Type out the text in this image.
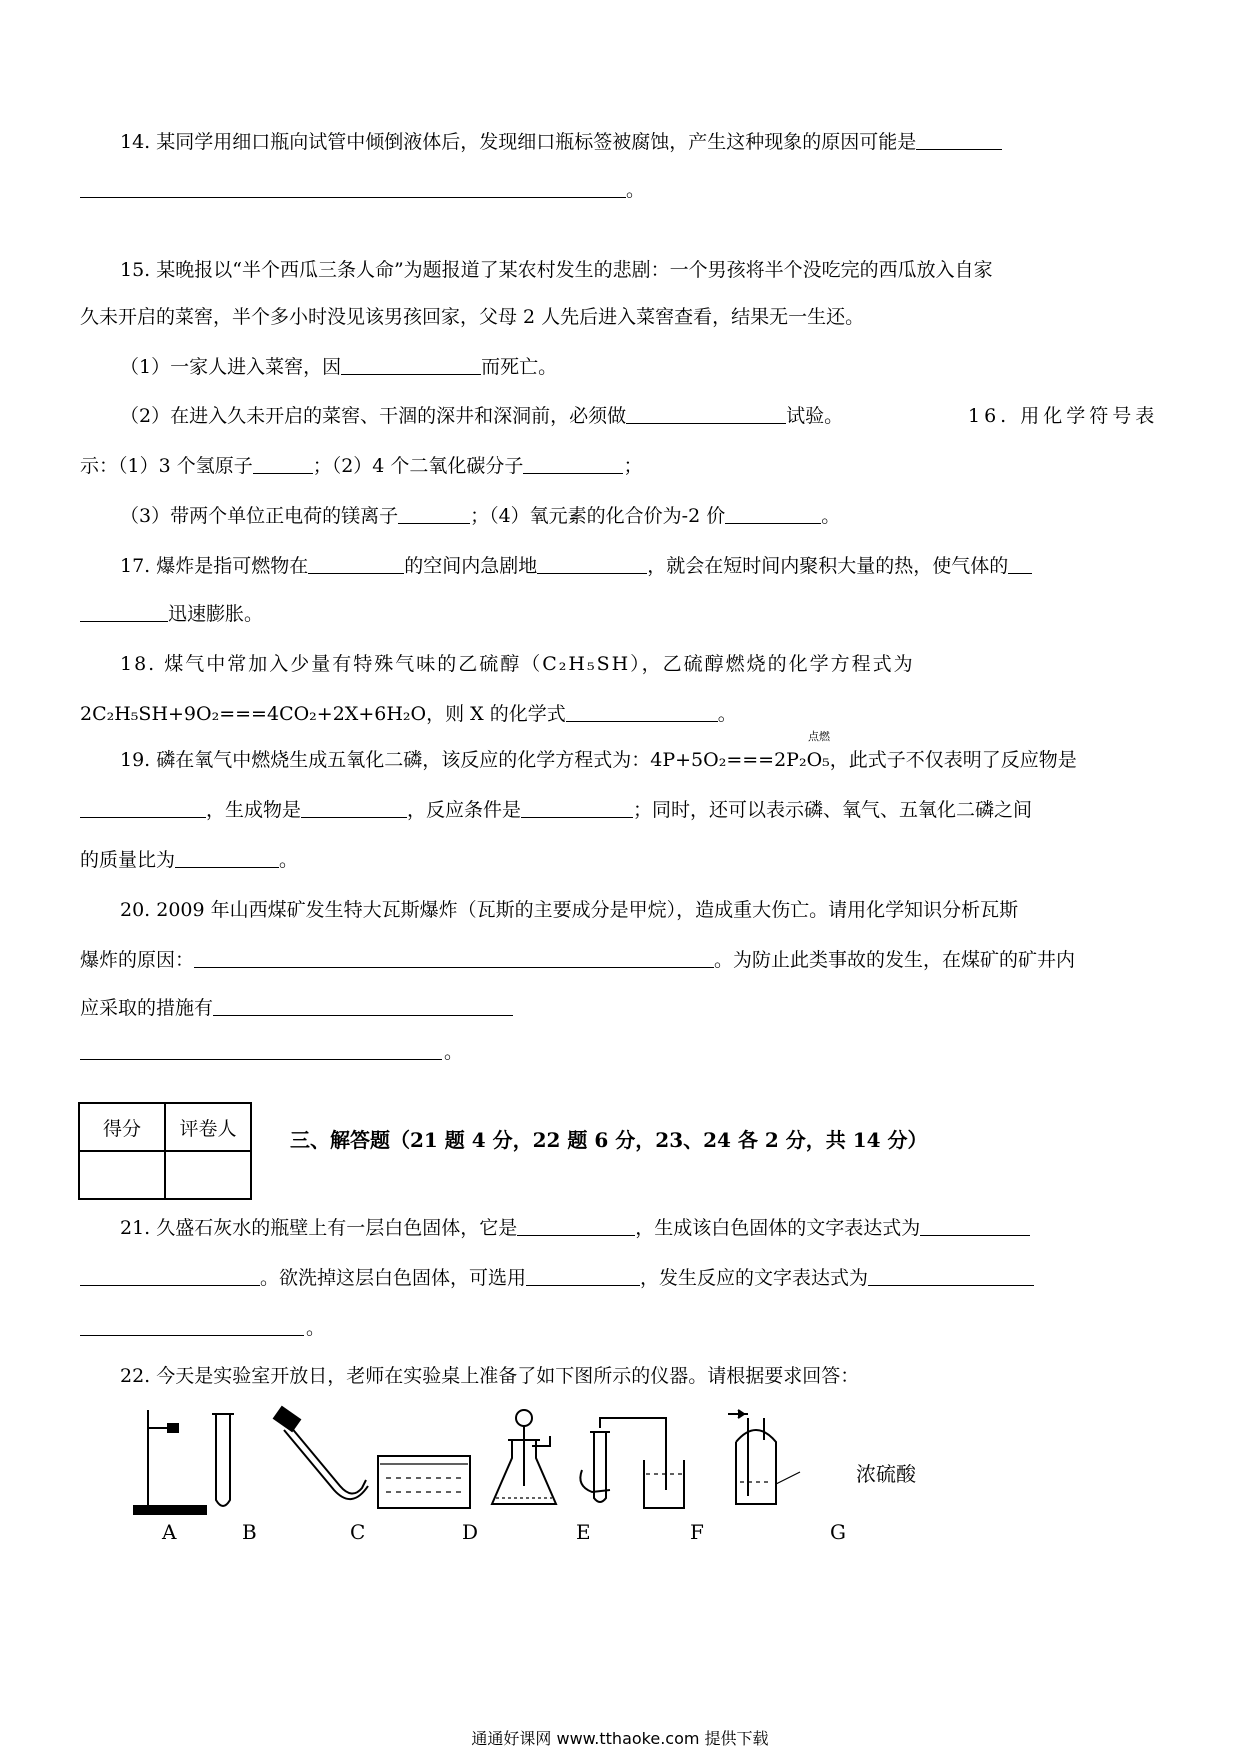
14. 某同学用细口瓶向试管中倾倒液体后，发现细口瓶标签被腐蚀，产生这种现象的原因可能是
。
15. 某晚报以“半个西瓜三条人命”为题报道了某农村发生的悲剧：一个男孩将半个没吃完的西瓜放入自家
久未开启的菜窖，半个多小时没见该男孩回家，父母 2 人先后进入菜窖查看，结果无一生还。
（1）一家人进入菜窖，因	而死亡。
（2）在进入久未开启的菜窖、干涸的深井和深洞前，必须做	试验。	16. 用化学符号表
示：（1）3 个氢原子	；（2）4 个二氧化碳分子	；
（3）带两个单位正电荷的镁离子	；（4）氧元素的化合价为-2 价	。
17. 爆炸是指可燃物在	的空间内急剧地	，就会在短时间内聚积大量的热，使气体的
迅速膨胀。
18. 煤气中常加入少量有特殊气味的乙硫醇（C₂H₅SH），乙硫醇燃烧的化学方程式为
2C₂H₅SH+9O₂===4CO₂+2X+6H₂O，则 X 的化学式	。
点燃
19. 磷在氧气中燃烧生成五氧化二磷，该反应的化学方程式为：4P+5O₂===2P₂O₅，此式子不仅表明了反应物是
，生成物是	，反应条件是	；同时，还可以表示磷、氧气、五氧化二磷之间
的质量比为	。
20. 2009 年山西煤矿发生特大瓦斯爆炸（瓦斯的主要成分是甲烷），造成重大伤亡。请用化学知识分析瓦斯
爆炸的原因：	。为防止此类事故的发生，在煤矿的矿井内
应采取的措施有
。
得分	评卷人
		三、解答题（21 题 4 分，22 题 6 分，23、24 各 2 分，共 14 分）
21. 久盛石灰水的瓶壁上有一层白色固体，它是	，生成该白色固体的文字表达式为
。欲洗掉这层白色固体，可选用	，发生反应的文字表达式为
。
22. 今天是实验室开放日，老师在实验桌上准备了如下图所示的仪器。请根据要求回答：
浓硫酸
A	B	C	D	E	F	G
通通好课网 www.tthaoke.com 提供下载
